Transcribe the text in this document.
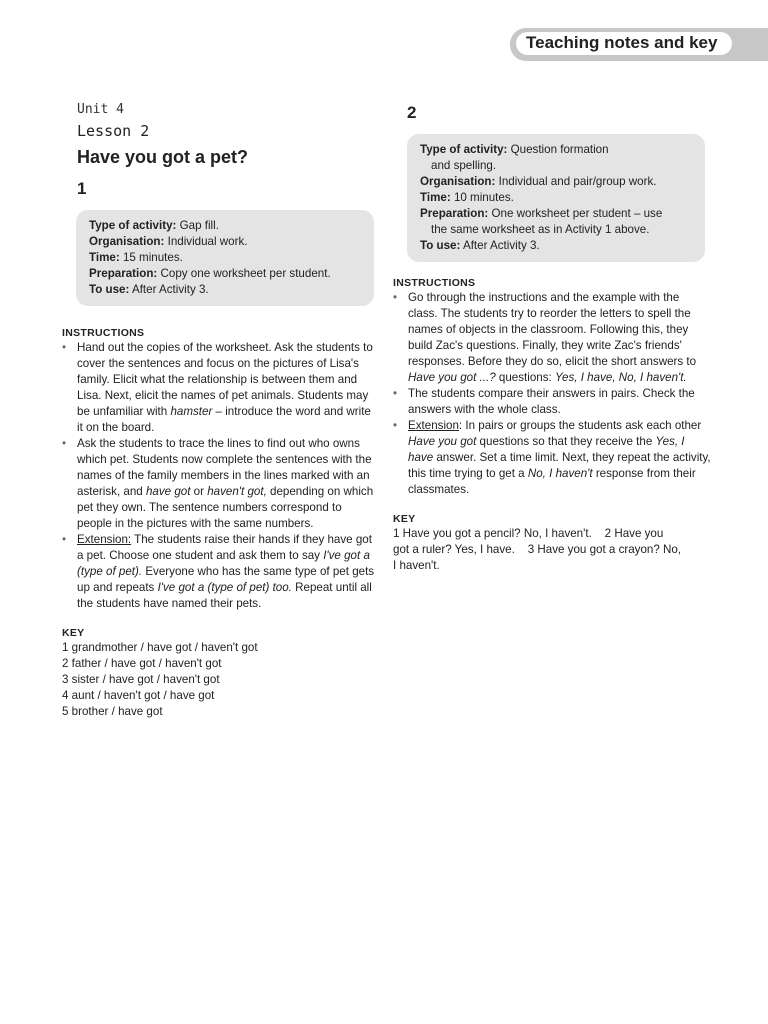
Teaching notes and key
Unit 4
Lesson 2
Have you got a pet?
1

Type of activity: Gap fill.

Organisation: Individual work.

Time: 15 minutes.

Preparation: Copy one worksheet per student.

To use: After Activity 3.

INSTRUCTIONS
• Hand out the copies of the worksheet. Ask the students to cover the sentences and focus on the pictures of Lisa's family. Elicit what the relationship is between them and Lisa. Next, elicit the names of pet animals. Students may be unfamiliar with hamster – introduce the word and write it on the board.
• Ask the students to trace the lines to find out who owns which pet. Students now complete the sentences with the names of the family members in the lines marked with an asterisk, and have got or haven't got, depending on which pet they own. The sentence numbers correspond to people in the pictures with the same numbers.
• Extension: The students raise their hands if they have got a pet. Choose one student and ask them to say I've got a (type of pet). Everyone who has the same type of pet gets up and repeats I've got a (type of pet) too. Repeat until all the students have named their pets.
KEY

1 grandmother / have got / haven't got

2 father / have got / haven't got

3 sister / have got / haven't got

4 aunt / haven't got / have got

5 brother / have got

2

Type of activity: Question formation

and spelling.

Organisation: Individual and pair/group work.

Time: 10 minutes.

Preparation: One worksheet per student – use

the same worksheet as in Activity 1 above.

To use: After Activity 3.

INSTRUCTIONS
• Go through the instructions and the example with the class. The students try to reorder the letters to spell the names of objects in the classroom. Following this, they build Zac's questions. Finally, they write Zac's friends' responses. Before they do so, elicit the short answers to Have you got ...? questions: Yes, I have, No, I haven't.
• The students compare their answers in pairs. Check the answers with the whole class.
• Extension: In pairs or groups the students ask each other Have you got questions so that they receive the Yes, I have answer. Set a time limit. Next, they repeat the activity, this time trying to get a No, I haven't response from their classmates.
KEY

1 Have you got a pencil? No, I haven't.    2 Have you

got a ruler? Yes, I have.    3 Have you got a crayon? No,

I haven't.
